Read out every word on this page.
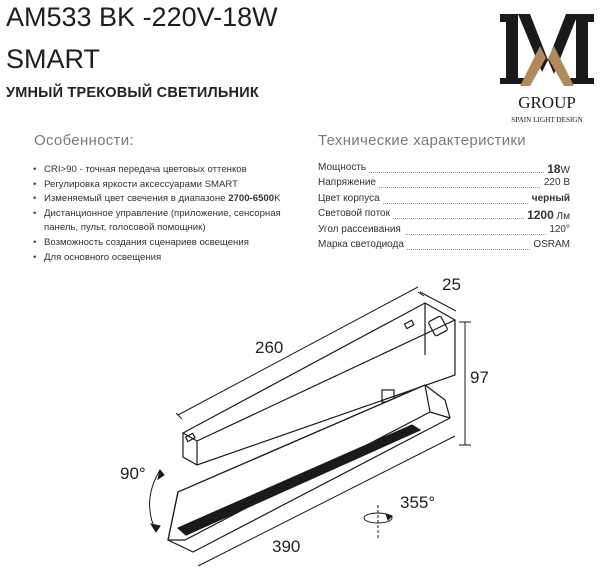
AM533 BK -220V-18W
SMART
УМНЫЙ ТРЕКОВЫЙ СВЕТИЛЬНИК	GROUP
SPAIN LIGHT DESIGN
Особенности:
• CRI>90 - точная передача цветовых оттенков
• Регулировка яркости аксессуарами SMART
• Изменяемый цвет свечения в диапазоне 2700-6500K
• Дистанционное управление (приложение, сенсорная панель, пульт, голосовой помощник)
• Возможность создания сценариев освещения
• Для основного освещения
Технические характеристики
Мощность	18W
Напряжение	220 В
Цвет корпуса	черный
Световой поток	1200 Лм
Угол рассеивания	120°
Марка светодиода	OSRAM
25
260
97
390
90°
355°
